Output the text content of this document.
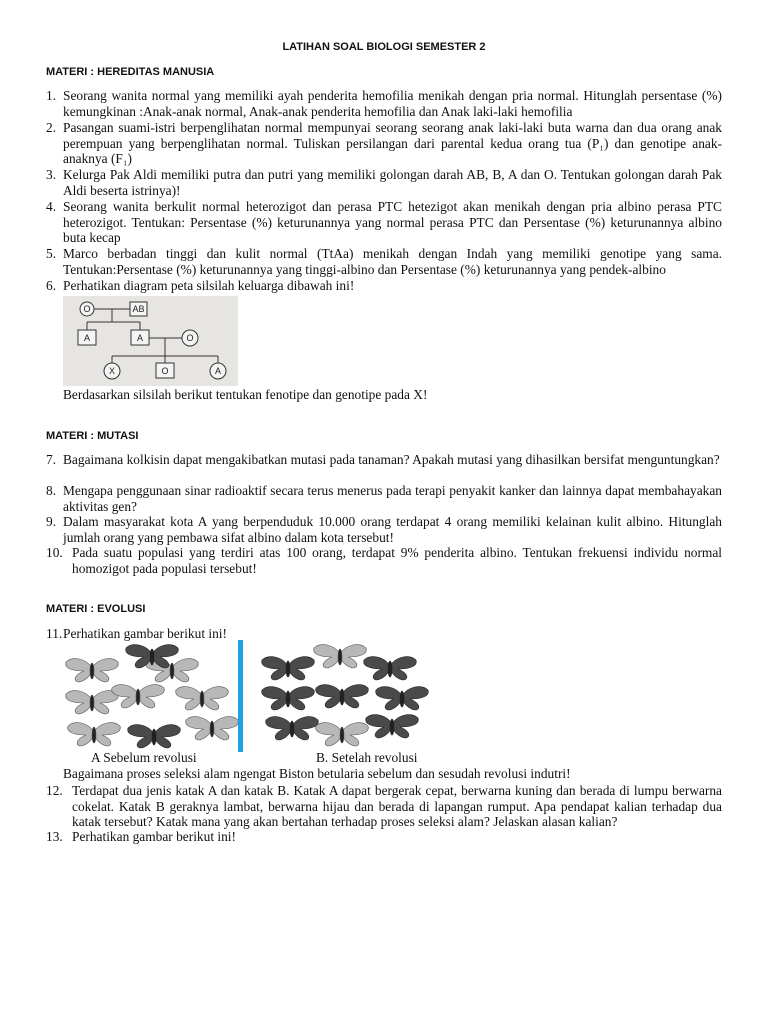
LATIHAN SOAL BIOLOGI SEMESTER 2
MATERI : HEREDITAS MANUSIA
1. Seorang wanita normal yang memiliki ayah penderita hemofilia menikah dengan pria normal. Hitunglah persentase (%) kemungkinan :Anak-anak normal, Anak-anak penderita hemofilia dan Anak laki-laki hemofilia
2. Pasangan suami-istri berpenglihatan normal mempunyai seorang seorang anak laki-laki buta warna dan dua orang anak perempuan yang berpenglihatan normal. Tuliskan persilangan dari parental kedua orang tua (P₁) dan genotipe anak-anaknya (F₁)
3. Kelurga Pak Aldi memiliki putra dan putri yang memiliki golongan darah AB, B, A dan O. Tentukan golongan darah Pak Aldi beserta istrinya)!
4. Seorang wanita berkulit normal heterozigot dan perasa PTC hetezigot akan menikah dengan pria albino perasa PTC heterozigot. Tentukan: Persentase (%) keturunannya yang normal perasa PTC dan Persentase (%) keturunannya albino buta kecap
5. Marco berbadan tinggi dan kulit normal (TtAa) menikah dengan Indah yang memiliki genotipe yang sama. Tentukan:Persentase (%) keturunannya yang tinggi-albino dan Persentase (%) keturunannya yang pendek-albino
6. Perhatikan diagram peta silsilah keluarga dibawah ini!
O	AB
A	A	O
X	O	A
Berdasarkan silsilah berikut tentukan fenotipe dan genotipe pada X!
MATERI : MUTASI
7. Bagaimana kolkisin dapat mengakibatkan mutasi pada tanaman? Apakah mutasi yang dihasilkan bersifat menguntungkan?
8. Mengapa penggunaan sinar radioaktif secara terus menerus pada terapi penyakit kanker dan lainnya dapat membahayakan aktivitas gen?
9. Dalam masyarakat kota A yang berpenduduk 10.000 orang terdapat 4 orang memiliki kelainan kulit albino. Hitunglah jumlah orang yang pembawa sifat albino dalam kota tersebut!
10. Pada suatu populasi yang terdiri atas 100 orang, terdapat 9% penderita albino. Tentukan frekuensi individu normal homozigot pada populasi tersebut!
MATERI : EVOLUSI
11. Perhatikan gambar berikut ini!
A Sebelum revolusi	B. Setelah revolusi
Bagaimana proses seleksi alam ngengat Biston betularia sebelum dan sesudah revolusi indutri!
12. Terdapat dua jenis katak A dan katak B. Katak A dapat bergerak cepat, berwarna kuning dan berada di lumpu berwarna cokelat. Katak B geraknya lambat, berwarna hijau dan berada di lapangan rumput. Apa pendapat kalian terhadap dua katak tersebut? Katak mana yang akan bertahan terhadap proses seleksi alam? Jelaskan alasan kalian?
13. Perhatikan gambar berikut ini!
